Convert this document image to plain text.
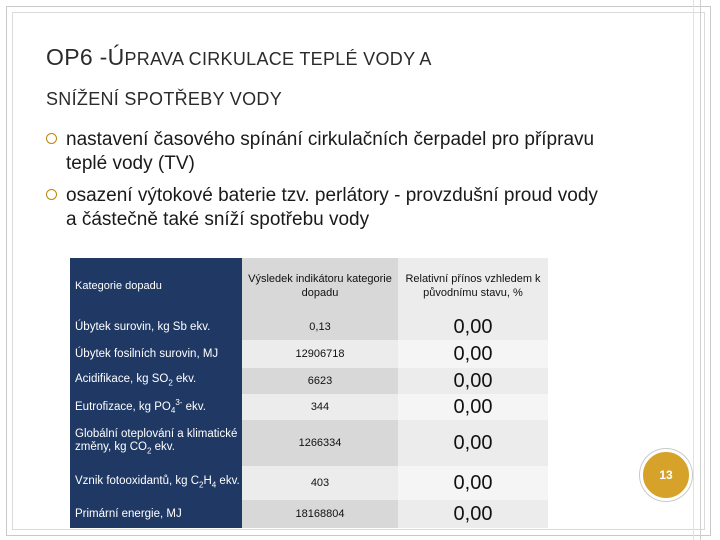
OP6 -ÚPRAVA CIRKULACE TEPLÉ VODY A
SNÍŽENÍ SPOTŘEBY VODY
nastavení časového spínání cirkulačních čerpadel pro přípravu teplé vody (TV)
osazení výtokové baterie tzv. perlátory - provzdušní proud vody a částečně také sníží spotřebu vody
Kategorie dopadu	Výsledek indikátoru kategorie dopadu	Relativní přínos vzhledem k původnímu stavu, %
Úbytek surovin, kg Sb ekv.	0,13	0,00
Úbytek fosilních surovin, MJ	12906718	0,00
Acidifikace, kg $SO_2$ ekv.	6623	0,00
Eutrofizace, kg $PO_4^{3-}$ ekv.	344	0,00
Globální oteplování a klimatické změny, kg $CO_2$ ekv.	1266334	0,00
Vznik fotooxidantů, kg $C_2H_4$ ekv.	403	0,00
Primární energie, MJ	18168804	0,00
13
